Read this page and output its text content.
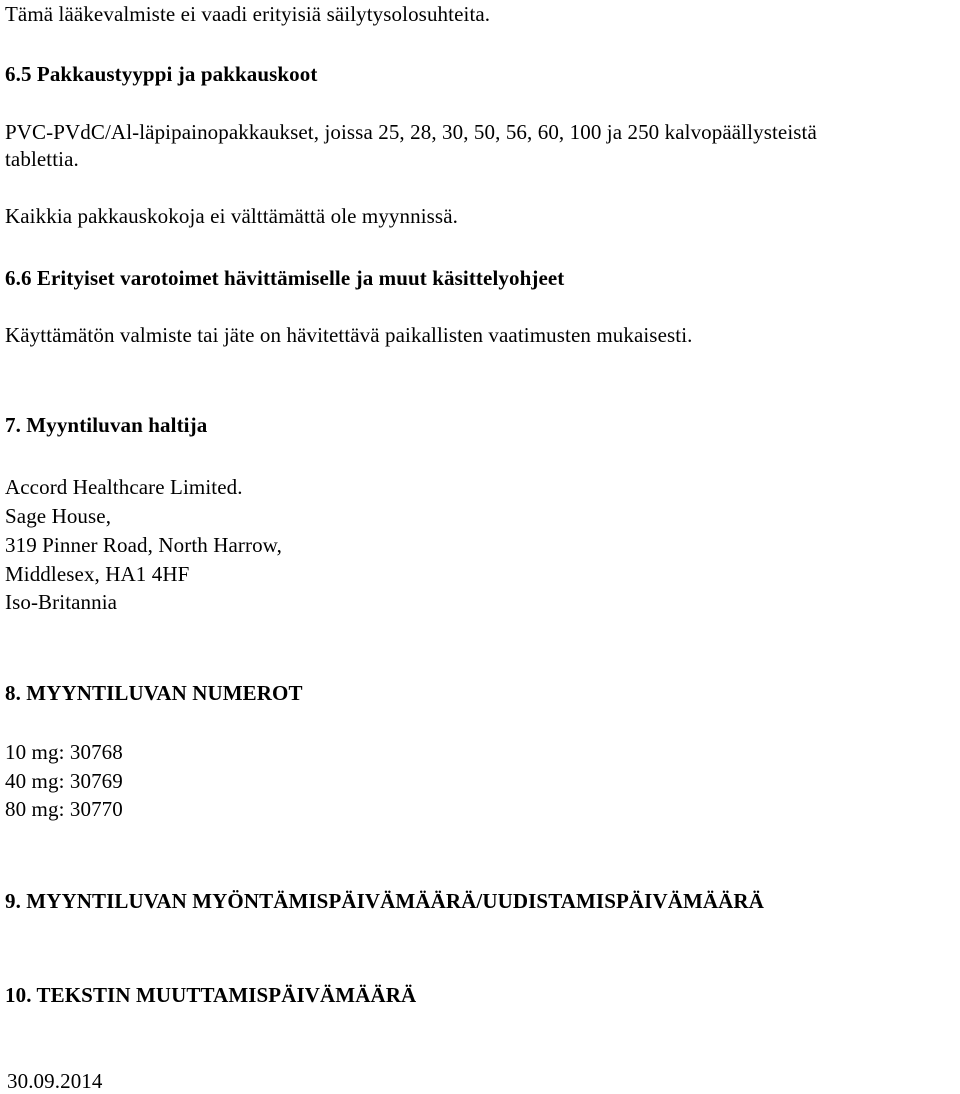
Tämä lääkevalmiste ei vaadi erityisiä säilytysolosuhteita.

6.5 Pakkaustyyppi ja pakkauskoot

PVC-PVdC/Al-läpipainopakkaukset, joissa 25, 28, 30, 50, 56, 60, 100 ja 250 kalvopäällysteistä

tablettia.

Kaikkia pakkauskokoja ei välttämättä ole myynnissä.

6.6 Erityiset varotoimet hävittämiselle ja muut käsittelyohjeet

Käyttämätön valmiste tai jäte on hävitettävä paikallisten vaatimusten mukaisesti.

7. Myyntiluvan haltija

Accord Healthcare Limited.

Sage House,

319 Pinner Road, North Harrow,

Middlesex, HA1 4HF

Iso-Britannia

8. MYYNTILUVAN NUMEROT

10 mg: 30768

40 mg: 30769

80 mg: 30770

9. MYYNTILUVAN MYÖNTÄMISPÄIVÄMÄÄRÄ/UUDISTAMISPÄIVÄMÄÄRÄ

10. TEKSTIN MUUTTAMISPÄIVÄMÄÄRÄ

30.09.2014
